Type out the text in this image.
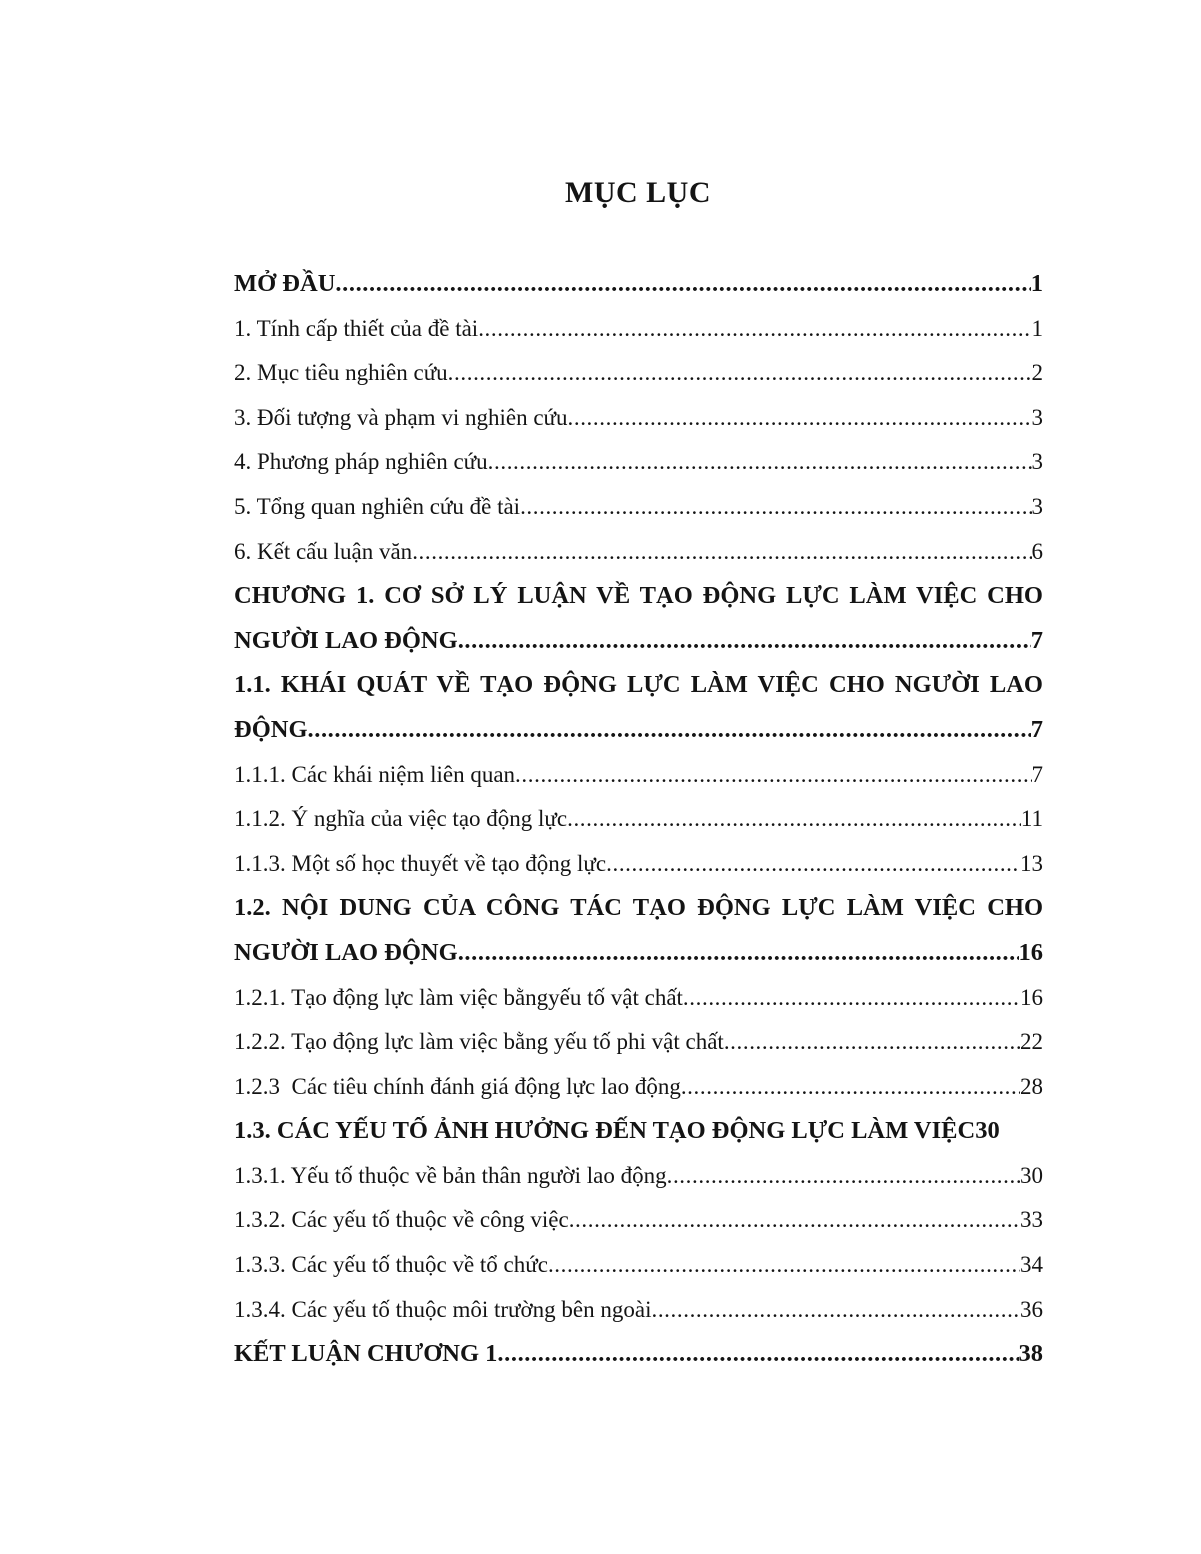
MỤC LỤC
MỞ ĐẦU .....	1
1. Tính cấp thiết của đề tài .....	1
2. Mục tiêu nghiên cứu .....	2
3. Đối tượng và phạm vi nghiên cứu .....	3
4. Phương pháp nghiên cứu .....	3
5. Tổng quan nghiên cứu đề tài .....	3
6. Kết cấu luận văn .....	6
CHƯƠNG 1. CƠ SỞ LÝ LUẬN VỀ TẠO ĐỘNG LỰC LÀM VIỆC CHO
NGƯỜI LAO ĐỘNG .....	7
1.1. KHÁI QUÁT VỀ TẠO ĐỘNG LỰC LÀM VIỆC CHO NGƯỜI LAO
ĐỘNG .....	7
1.1.1. Các khái niệm liên quan .....	7
1.1.2. Ý nghĩa của việc tạo động lực .....	11
1.1.3. Một số học thuyết về tạo động lực .....	13
1.2. NỘI DUNG CỦA CÔNG TÁC TẠO ĐỘNG LỰC LÀM VIỆC CHO
NGƯỜI LAO ĐỘNG .....	16
1.2.1. Tạo động lực làm việc bằngyếu tố vật chất .....	16
1.2.2. Tạo động lực làm việc bằng yếu tố phi vật chất .....	22
1.2.3  Các tiêu chính đánh giá động lực lao động .....	28
1.3. CÁC YẾU TỐ ẢNH HƯỞNG ĐẾN TẠO ĐỘNG LỰC LÀM VIỆC 30
1.3.1. Yếu tố thuộc về bản thân người lao động .....	30
1.3.2. Các yếu tố thuộc về công việc .....	33
1.3.3. Các yếu tố thuộc về tổ chức .....	34
1.3.4. Các yếu tố thuộc môi trường bên ngoài .....	36
KẾT LUẬN CHƯƠNG 1 .....	38
